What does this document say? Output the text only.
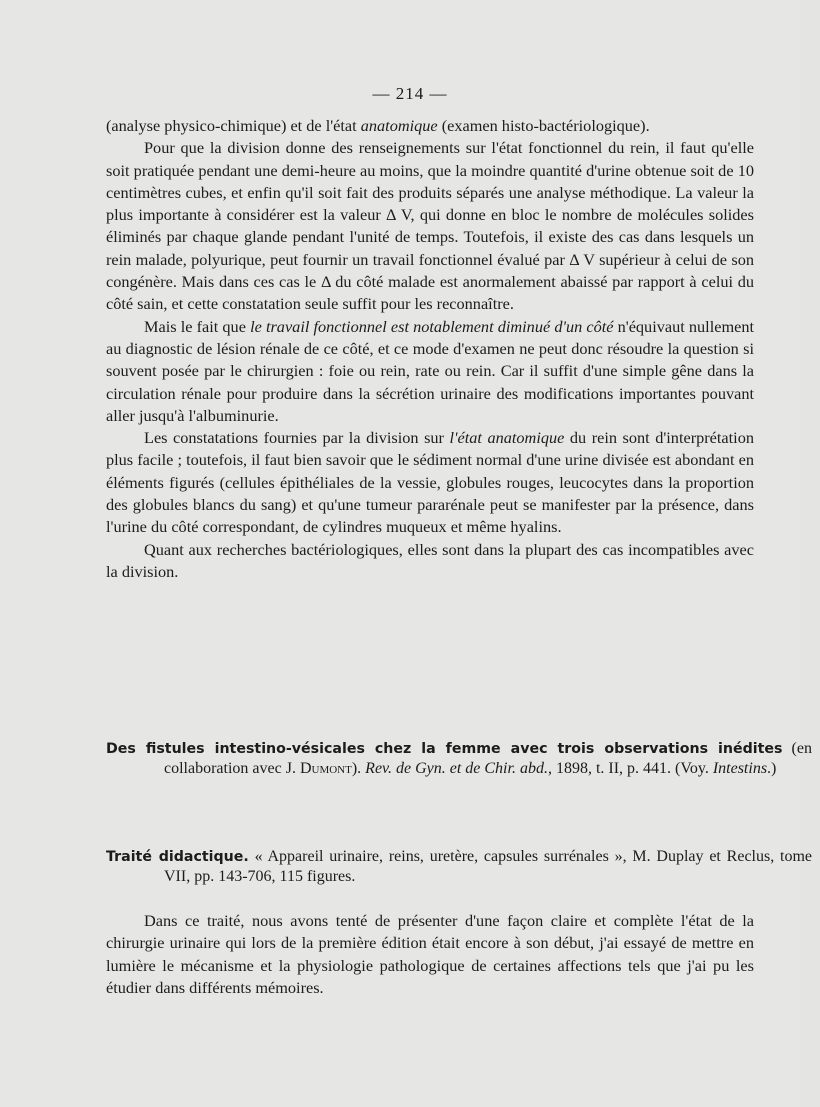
— 214 —

(analyse physico-chimique) et de l'état anatomique (examen histo-bactériologique).

Pour que la division donne des renseignements sur l'état fonctionnel du rein, il faut qu'elle soit pratiquée pendant une demi-heure au moins, que la moindre quantité d'urine obtenue soit de 10 centimètres cubes, et enfin qu'il soit fait des produits séparés une analyse méthodique. La valeur la plus importante à considérer est la valeur Δ V, qui donne en bloc le nombre de molécules solides éliminés par chaque glande pendant l'unité de temps. Toutefois, il existe des cas dans lesquels un rein malade, polyurique, peut fournir un travail fonctionnel évalué par Δ V supérieur à celui de son congénère. Mais dans ces cas le Δ du côté malade est anormalement abaissé par rapport à celui du côté sain, et cette constatation seule suffit pour les reconnaître.

Mais le fait que le travail fonctionnel est notablement diminué d'un côté n'équivaut nullement au diagnostic de lésion rénale de ce côté, et ce mode d'examen ne peut donc résoudre la question si souvent posée par le chirurgien : foie ou rein, rate ou rein. Car il suffit d'une simple gêne dans la circulation rénale pour produire dans la sécrétion urinaire des modifications importantes pouvant aller jusqu'à l'albuminurie.

Les constatations fournies par la division sur l'état anatomique du rein sont d'interprétation plus facile ; toutefois, il faut bien savoir que le sédiment normal d'une urine divisée est abondant en éléments figurés (cellules épithéliales de la vessie, globules rouges, leucocytes dans la proportion des globules blancs du sang) et qu'une tumeur pararénale peut se manifester par la présence, dans l'urine du côté correspondant, de cylindres muqueux et même hyalins.

Quant aux recherches bactériologiques, elles sont dans la plupart des cas incompatibles avec la division.

Des fistules intestino-vésicales chez la femme avec trois observations inédites (en collaboration avec J. Dumont). Rev. de Gyn. et de Chir. abd., 1898, t. II, p. 441. (Voy. Intestins.)
Traité didactique. « Appareil urinaire, reins, uretère, capsules surrénales », M. Duplay et Reclus, tome VII, pp. 143-706, 115 figures.

Dans ce traité, nous avons tenté de présenter d'une façon claire et complète l'état de la chirurgie urinaire qui lors de la première édition était encore à son début, j'ai essayé de mettre en lumière le mécanisme et la physiologie pathologique de certaines affections tels que j'ai pu les étudier dans différents mémoires.
